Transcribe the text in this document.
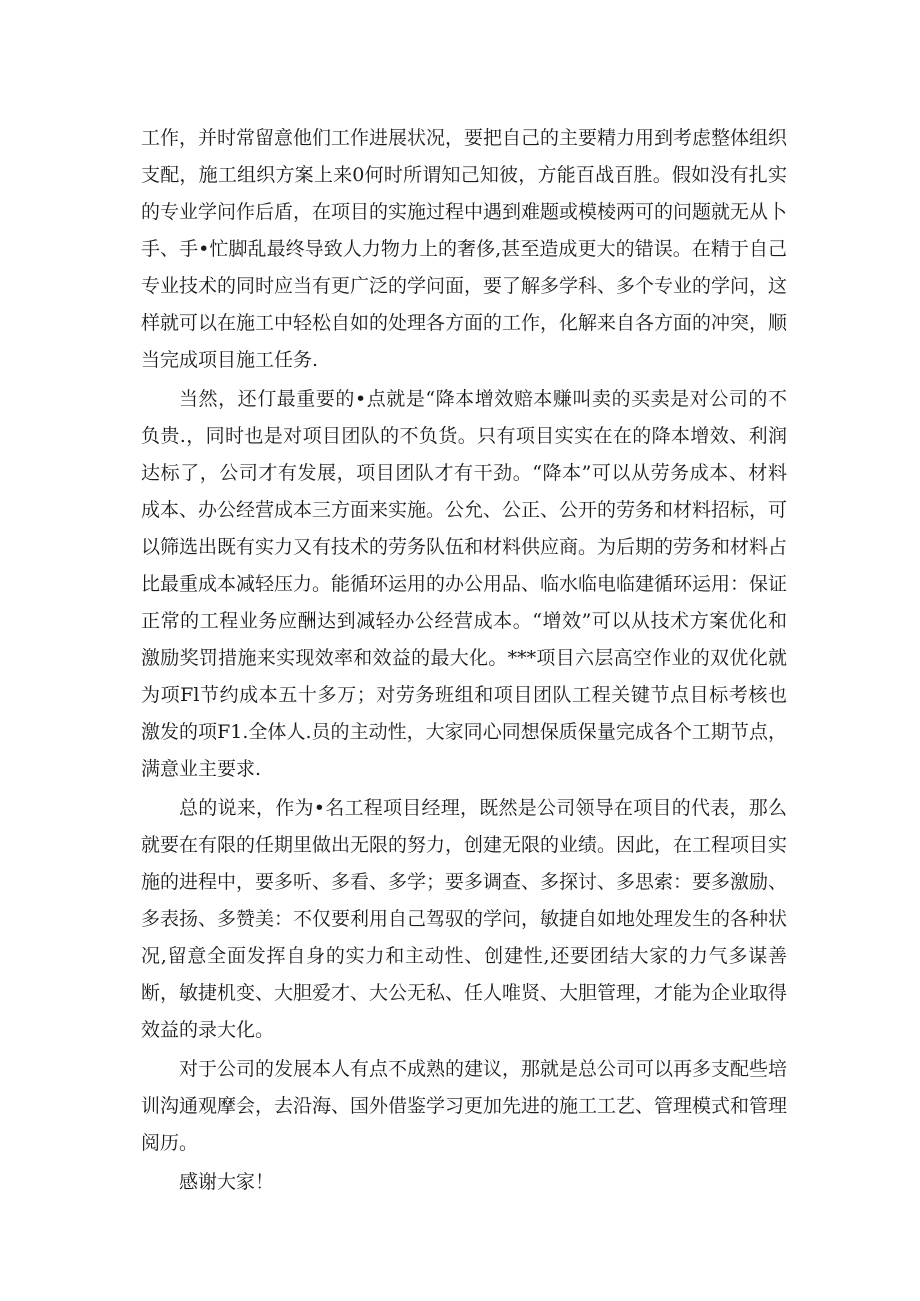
工作，并时常留意他们工作进展状况，要把自己的主要精力用到考虑整体组织支配，施工组织方案上来0何时所谓知己知彼，方能百战百胜。假如没有扎实的专业学问作后盾，在项目的实施过程中遇到难题或模棱两可的问题就无从卜手、手•忙脚乱最终导致人力物力上的奢侈,甚至造成更大的错误。在精于自己专业技术的同时应当有更广泛的学问面，要了解多学科、多个专业的学问，这样就可以在施工中轻松自如的处理各方面的工作，化解来自各方面的冲突，顺当完成项目施工任务.

当然，还仃最重要的•点就是“降本增效赔本赚叫卖的买卖是对公司的不负贵.，同时也是对项目团队的不负货。只有项目实实在在的降本增效、利润达标了，公司才有发展，项目团队才有干劲。“降本”可以从劳务成本、材料成本、办公经营成本三方面来实施。公允、公正、公开的劳务和材料招标，可以筛选出既有实力又有技术的劳务队伍和材料供应商。为后期的劳务和材料占比最重成本减轻压力。能循环运用的办公用品、临水临电临建循环运用：保证正常的工程业务应酬达到减轻办公经营成本。“增效”可以从技术方案优化和激励奖罚措施来实现效率和效益的最大化。***项目六层高空作业的双优化就为项Fl节约成本五十多万；对劳务班组和项目团队工程关键节点目标考核也激发的项F1.全体人.员的主动性，大家同心同想保质保量完成各个工期节点，满意业主要求.

总的说来，作为•名工程项目经理，既然是公司领导在项目的代表，那么就要在有限的任期里做出无限的努力，创建无限的业绩。因此，在工程项目实施的进程中，要多听、多看、多学；要多调查、多探讨、多思索：要多激励、多表扬、多赞美：不仅要利用自己驾驭的学问，敏捷自如地处理发生的各种状况,留意全面发挥自身的实力和主动性、创建性,还要团结大家的力气多谋善断，敏捷机变、大胆爱才、大公无私、任人唯贤、大胆管理，才能为企业取得效益的录大化。

对于公司的发展本人有点不成熟的建议，那就是总公司可以再多支配些培训沟通观摩会，去沿海、国外借鉴学习更加先进的施工工艺、管理模式和管理阅历。

感谢大家！
